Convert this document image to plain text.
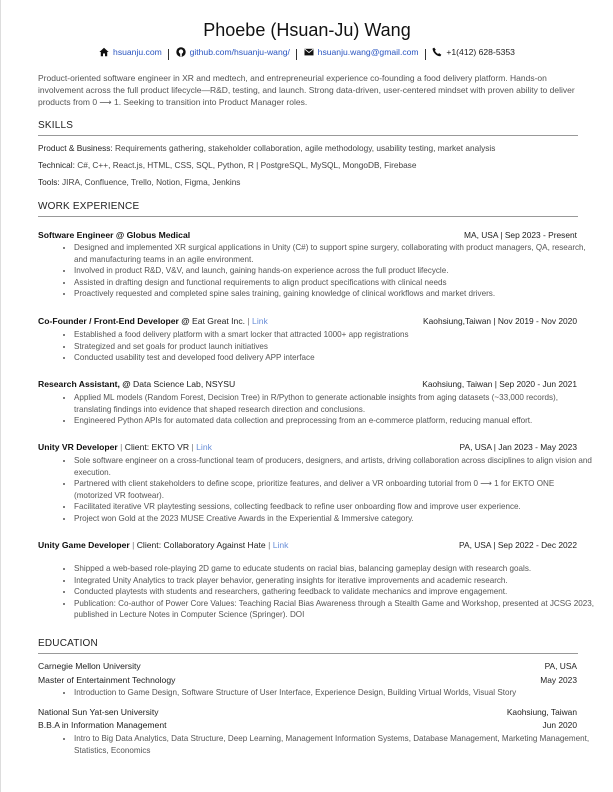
Phoebe (Hsuan-Ju) Wang
hsuanju.com
	github.com/hsuanju-wang/
	hsuanju.wang@gmail.com
	+1(412) 628-5353
Product-oriented software engineer in XR and medtech, and entrepreneurial experience co-founding a food delivery platform. Hands-on involvement across the full product lifecycle—R&D, testing, and launch. Strong data-driven, user-centered mindset with proven ability to deliver products from 0 ⟶ 1. Seeking to transition into Product Manager roles.
SKILLS
Product & Business: Requirements gathering, stakeholder collaboration, agile methodology, usability testing, market analysis
Technical: C#, C++, React.js, HTML, CSS, SQL, Python, R | PostgreSQL, MySQL, MongoDB, Firebase
Tools: JIRA, Confluence, Trello, Notion, Figma, Jenkins
WORK EXPERIENCE
Software Engineer @ Globus Medical	MA, USA | Sep 2023 - Present
• Designed and implemented XR surgical applications in Unity (C#) to support spine surgery, collaborating with product managers, QA, research, and manufacturing teams in an agile environment.
• Involved in product R&D, V&V, and launch, gaining hands-on experience across the full product lifecycle.
• Assisted in drafting design and functional requirements to align product specifications with clinical needs
• Proactively requested and completed spine sales training, gaining knowledge of clinical workflows and market drivers.
Co-Founder / Front-End Developer @ Eat Great Inc. | Link	Kaohsiung,Taiwan | Nov 2019 - Nov 2020
• Established a food delivery platform with a smart locker that attracted 1000+ app registrations
• Strategized and set goals for product launch initiatives
• Conducted usability test and developed food delivery APP interface
Research Assistant, @ Data Science Lab, NSYSU	Kaohsiung, Taiwan | Sep 2020 - Jun 2021
• Applied ML models (Random Forest, Decision Tree) in R/Python to generate actionable insights from aging datasets (~33,000 records), translating findings into evidence that shaped research direction and conclusions.
• Engineered Python APIs for automated data collection and preprocessing from an e-commerce platform, reducing manual effort.
Unity VR Developer | Client: EKTO VR | Link	PA, USA | Jan 2023 - May 2023
• Sole software engineer on a cross-functional team of producers, designers, and artists, driving collaboration across disciplines to align vision and execution.
• Partnered with client stakeholders to define scope, prioritize features, and deliver a VR onboarding tutorial from 0 ⟶ 1 for EKTO ONE (motorized VR footwear).
• Facilitated iterative VR playtesting sessions, collecting feedback to refine user onboarding flow and improve user experience.
• Project won Gold at the 2023 MUSE Creative Awards in the Experiential & Immersive category.
Unity Game Developer | Client: Collaboratory Against Hate | Link	PA, USA | Sep 2022 - Dec 2022
• Shipped a web-based role-playing 2D game to educate students on racial bias, balancing gameplay design with research goals.
• Integrated Unity Analytics to track player behavior, generating insights for iterative improvements and academic research.
• Conducted playtests with students and researchers, gathering feedback to validate mechanics and improve engagement.
• Publication: Co-author of Power Core Values: Teaching Racial Bias Awareness through a Stealth Game and Workshop, presented at JCSG 2023, published in Lecture Notes in Computer Science (Springer). DOI
EDUCATION
Carnegie Mellon University	PA, USA
Master of Entertainment Technology	May 2023
• Introduction to Game Design, Software Structure of User Interface, Experience Design, Building Virtual Worlds, Visual Story
National Sun Yat-sen University	Kaohsiung, Taiwan
B.B.A in Information Management	Jun 2020
• Intro to Big Data Analytics, Data Structure, Deep Learning, Management Information Systems, Database Management, Marketing Management, Statistics, Economics
